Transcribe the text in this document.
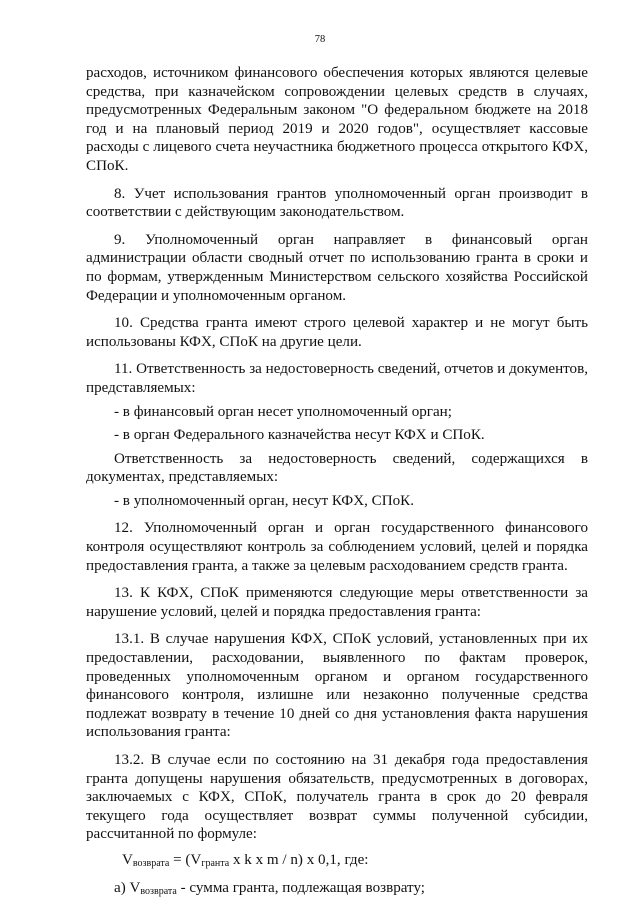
78

расходов, источником финансового обеспечения которых являются целевые средства, при казначейском сопровождении целевых средств в случаях, предусмотренных Федеральным законом "О федеральном бюджете на 2018 год и на плановый период 2019 и 2020 годов", осуществляет кассовые расходы с лицевого счета неучастника бюджетного процесса открытого КФХ, СПоК.

8. Учет использования грантов уполномоченный орган производит в соответствии с действующим законодательством.

9. Уполномоченный орган направляет в финансовый орган администрации области сводный отчет по использованию гранта в сроки и по формам, утвержденным Министерством сельского хозяйства Российской Федерации и уполномоченным органом.

10. Средства гранта имеют строго целевой характер и не могут быть использованы КФХ, СПоК на другие цели.

11. Ответственность за недостоверность сведений, отчетов и документов, представляемых:

- в финансовый орган несет уполномоченный орган;

- в орган Федерального казначейства несут КФХ и СПоК.

Ответственность за недостоверность сведений, содержащихся в документах, представляемых:

- в уполномоченный орган, несут КФХ, СПоК.

12. Уполномоченный орган и орган государственного финансового контроля осуществляют контроль за соблюдением условий, целей и порядка предоставления гранта, а также за целевым расходованием средств гранта.

13. К КФХ, СПоК применяются следующие меры ответственности за нарушение условий, целей и порядка предоставления гранта:

13.1. В случае нарушения КФХ, СПоК условий, установленных при их предоставлении, расходовании, выявленного по фактам проверок, проведенных уполномоченным органом и органом государственного финансового контроля, излишне или незаконно полученные средства подлежат возврату в течение 10 дней со дня установления факта нарушения использования гранта:

13.2. В случае если по состоянию на 31 декабря года предоставления гранта допущены нарушения обязательств, предусмотренных в договорах, заключаемых с КФХ, СПоК, получатель гранта в срок до 20 февраля текущего года осуществляет возврат суммы полученной субсидии, рассчитанной по формуле:

$V_{возврата} = (V_{гранта}$ x k x m / n) x 0,1, где:

а) $V_{возврата}$ - сумма гранта, подлежащая возврату;
